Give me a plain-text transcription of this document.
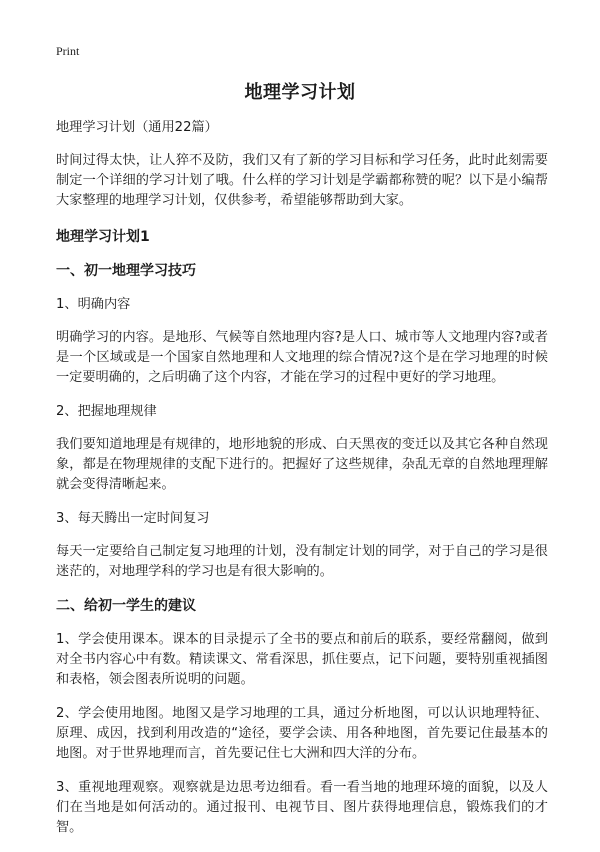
Print
地理学习计划

地理学习计划（通用22篇）

时间过得太快，让人猝不及防，我们又有了新的学习目标和学习任务，此时此刻需要制定一个详细的学习计划了哦。什么样的学习计划是学霸都称赞的呢？以下是小编帮大家整理的地理学习计划，仅供参考，希望能够帮助到大家。

地理学习计划1
一、初一地理学习技巧
1、明确内容

明确学习的内容。是地形、气候等自然地理内容?是人口、城市等人文地理内容?或者是一个区域或是一个国家自然地理和人文地理的综合情况?这个是在学习地理的时候一定要明确的，之后明确了这个内容，才能在学习的过程中更好的学习地理。

2、把握地理规律

我们要知道地理是有规律的，地形地貌的形成、白天黑夜的变迁以及其它各种自然现象，都是在物理规律的支配下进行的。把握好了这些规律，杂乱无章的自然地理理解就会变得清晰起来。

3、每天腾出一定时间复习

每天一定要给自己制定复习地理的计划，没有制定计划的同学，对于自己的学习是很迷茫的，对地理学科的学习也是有很大影响的。

二、给初一学生的建议

1、学会使用课本。课本的目录提示了全书的要点和前后的联系，要经常翻阅，做到对全书内容心中有数。精读课文、常看深思，抓住要点，记下问题，要特别重视插图和表格，领会图表所说明的问题。

2、学会使用地图。地图又是学习地理的工具，通过分析地图，可以认识地理特征、原理、成因，找到利用改造的“途径，要学会读、用各种地图，首先要记住最基本的地图。对于世界地理而言，首先要记住七大洲和四大洋的分布。

3、重视地理观察。观察就是边思考边细看。看一看当地的地理环境的面貌，以及人们在当地是如何活动的。通过报刊、电视节目、图片获得地理信息，锻炼我们的才智。
